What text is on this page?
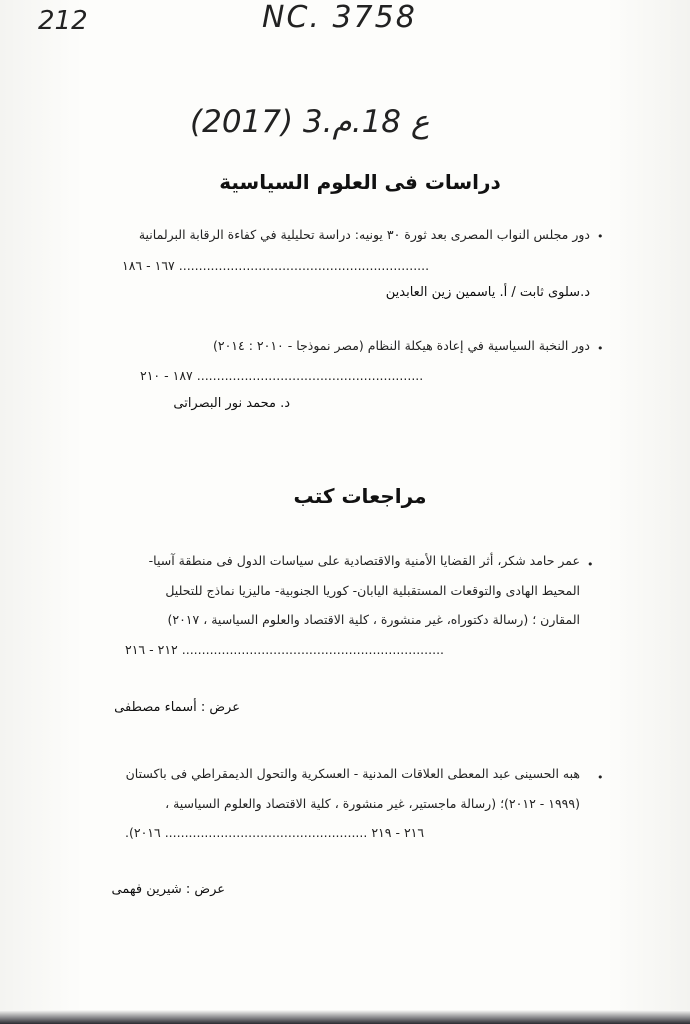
212	NC. 3758
(2017) 3.ع 18.م
دراسات فى العلوم السياسية
•
دور مجلس النواب المصرى بعد ثورة ٣٠ يونيه: دراسة تحليلية في كفاءة الرقابة البرلمانية
............................................................... ١٦٧ - ١٨٦
د.سلوى ثابت / أ. ياسمين زين العابدين
•
دور النخبة السياسية في إعادة هيكلة النظام (مصر نموذجا - ٢٠١٠ : ٢٠١٤)
......................................................... ١٨٧ - ٢١٠
د. محمد نور البصراتى
مراجعات كتب
•
عمر حامد شكر، أثر القضايا الأمنية والاقتصادية على سياسات الدول فى منطقة آسيا-
المحيط الهادى والتوقعات المستقبلية اليابان- كوريا الجنوبية- ماليزيا نماذج للتحليل
المقارن ؛ (رسالة دكتوراه، غير منشورة ، كلية الاقتصاد والعلوم السياسية ، ٢٠١٧)
.................................................................. ٢١٢ - ٢١٦
عرض : أسماء مصطفى
•
هبه الحسينى عبد المعطى العلاقات المدنية - العسكرية والتحول الديمقراطي فى باكستان
(١٩٩٩ - ٢٠١٢)؛ (رسالة ماجستير، غير منشورة ، كلية الاقتصاد والعلوم السياسية ،
٢١٦ - ٢١٩ ................................................... ٢٠١٦).
عرض : شيرين فهمى
